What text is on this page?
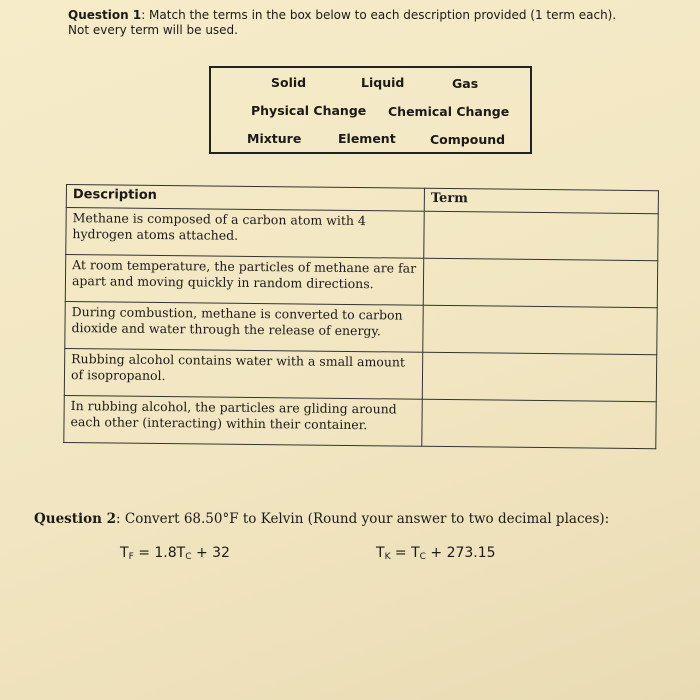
Question 1: Match the terms in the box below to each description provided (1 term each). Not every term will be used.
Solid	Liquid	Gas
Physical Change Chemical Change
Mixture	Element	Compound
Description	Term
Methane is composed of a carbon atom with 4 hydrogen atoms attached.	
At room temperature, the particles of methane are far apart and moving quickly in random directions.	
During combustion, methane is converted to carbon dioxide and water through the release of energy.	
Rubbing alcohol contains water with a small amount of isopropanol.	
In rubbing alcohol, the particles are gliding around each other (interacting) within their container.	
Question 2: Convert 68.50°F to Kelvin (Round your answer to two decimal places):
$T_F = 1.8T_C + 32$	$T_K = T_C + 273.15$
